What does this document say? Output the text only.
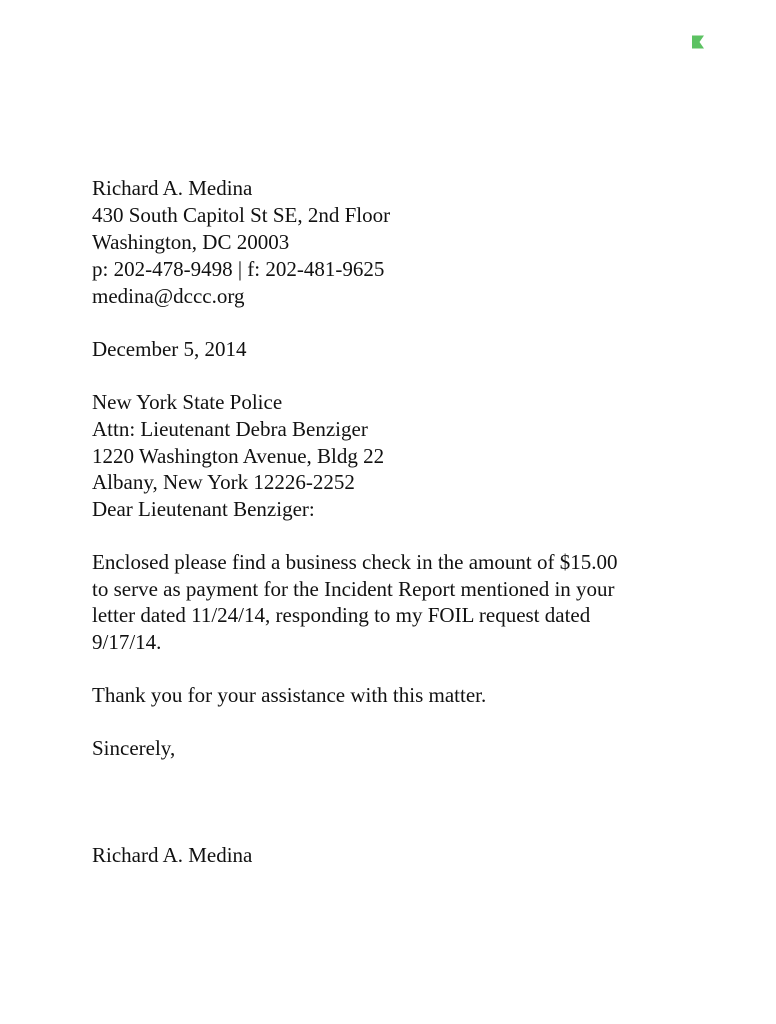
Richard A. Medina
430 South Capitol St SE, 2nd Floor
Washington, DC 20003
p: 202-478-9498 | f: 202-481-9625
medina@dccc.org
December 5, 2014
New York State Police
Attn: Lieutenant Debra Benziger
1220 Washington Avenue, Bldg 22
Albany, New York 12226-2252
Dear Lieutenant Benziger:
Enclosed please find a business check in the amount of $15.00
to serve as payment for the Incident Report mentioned in your
letter dated 11/24/14, responding to my FOIL request dated
9/17/14.
Thank you for your assistance with this matter.
Sincerely,
Richard A. Medina
